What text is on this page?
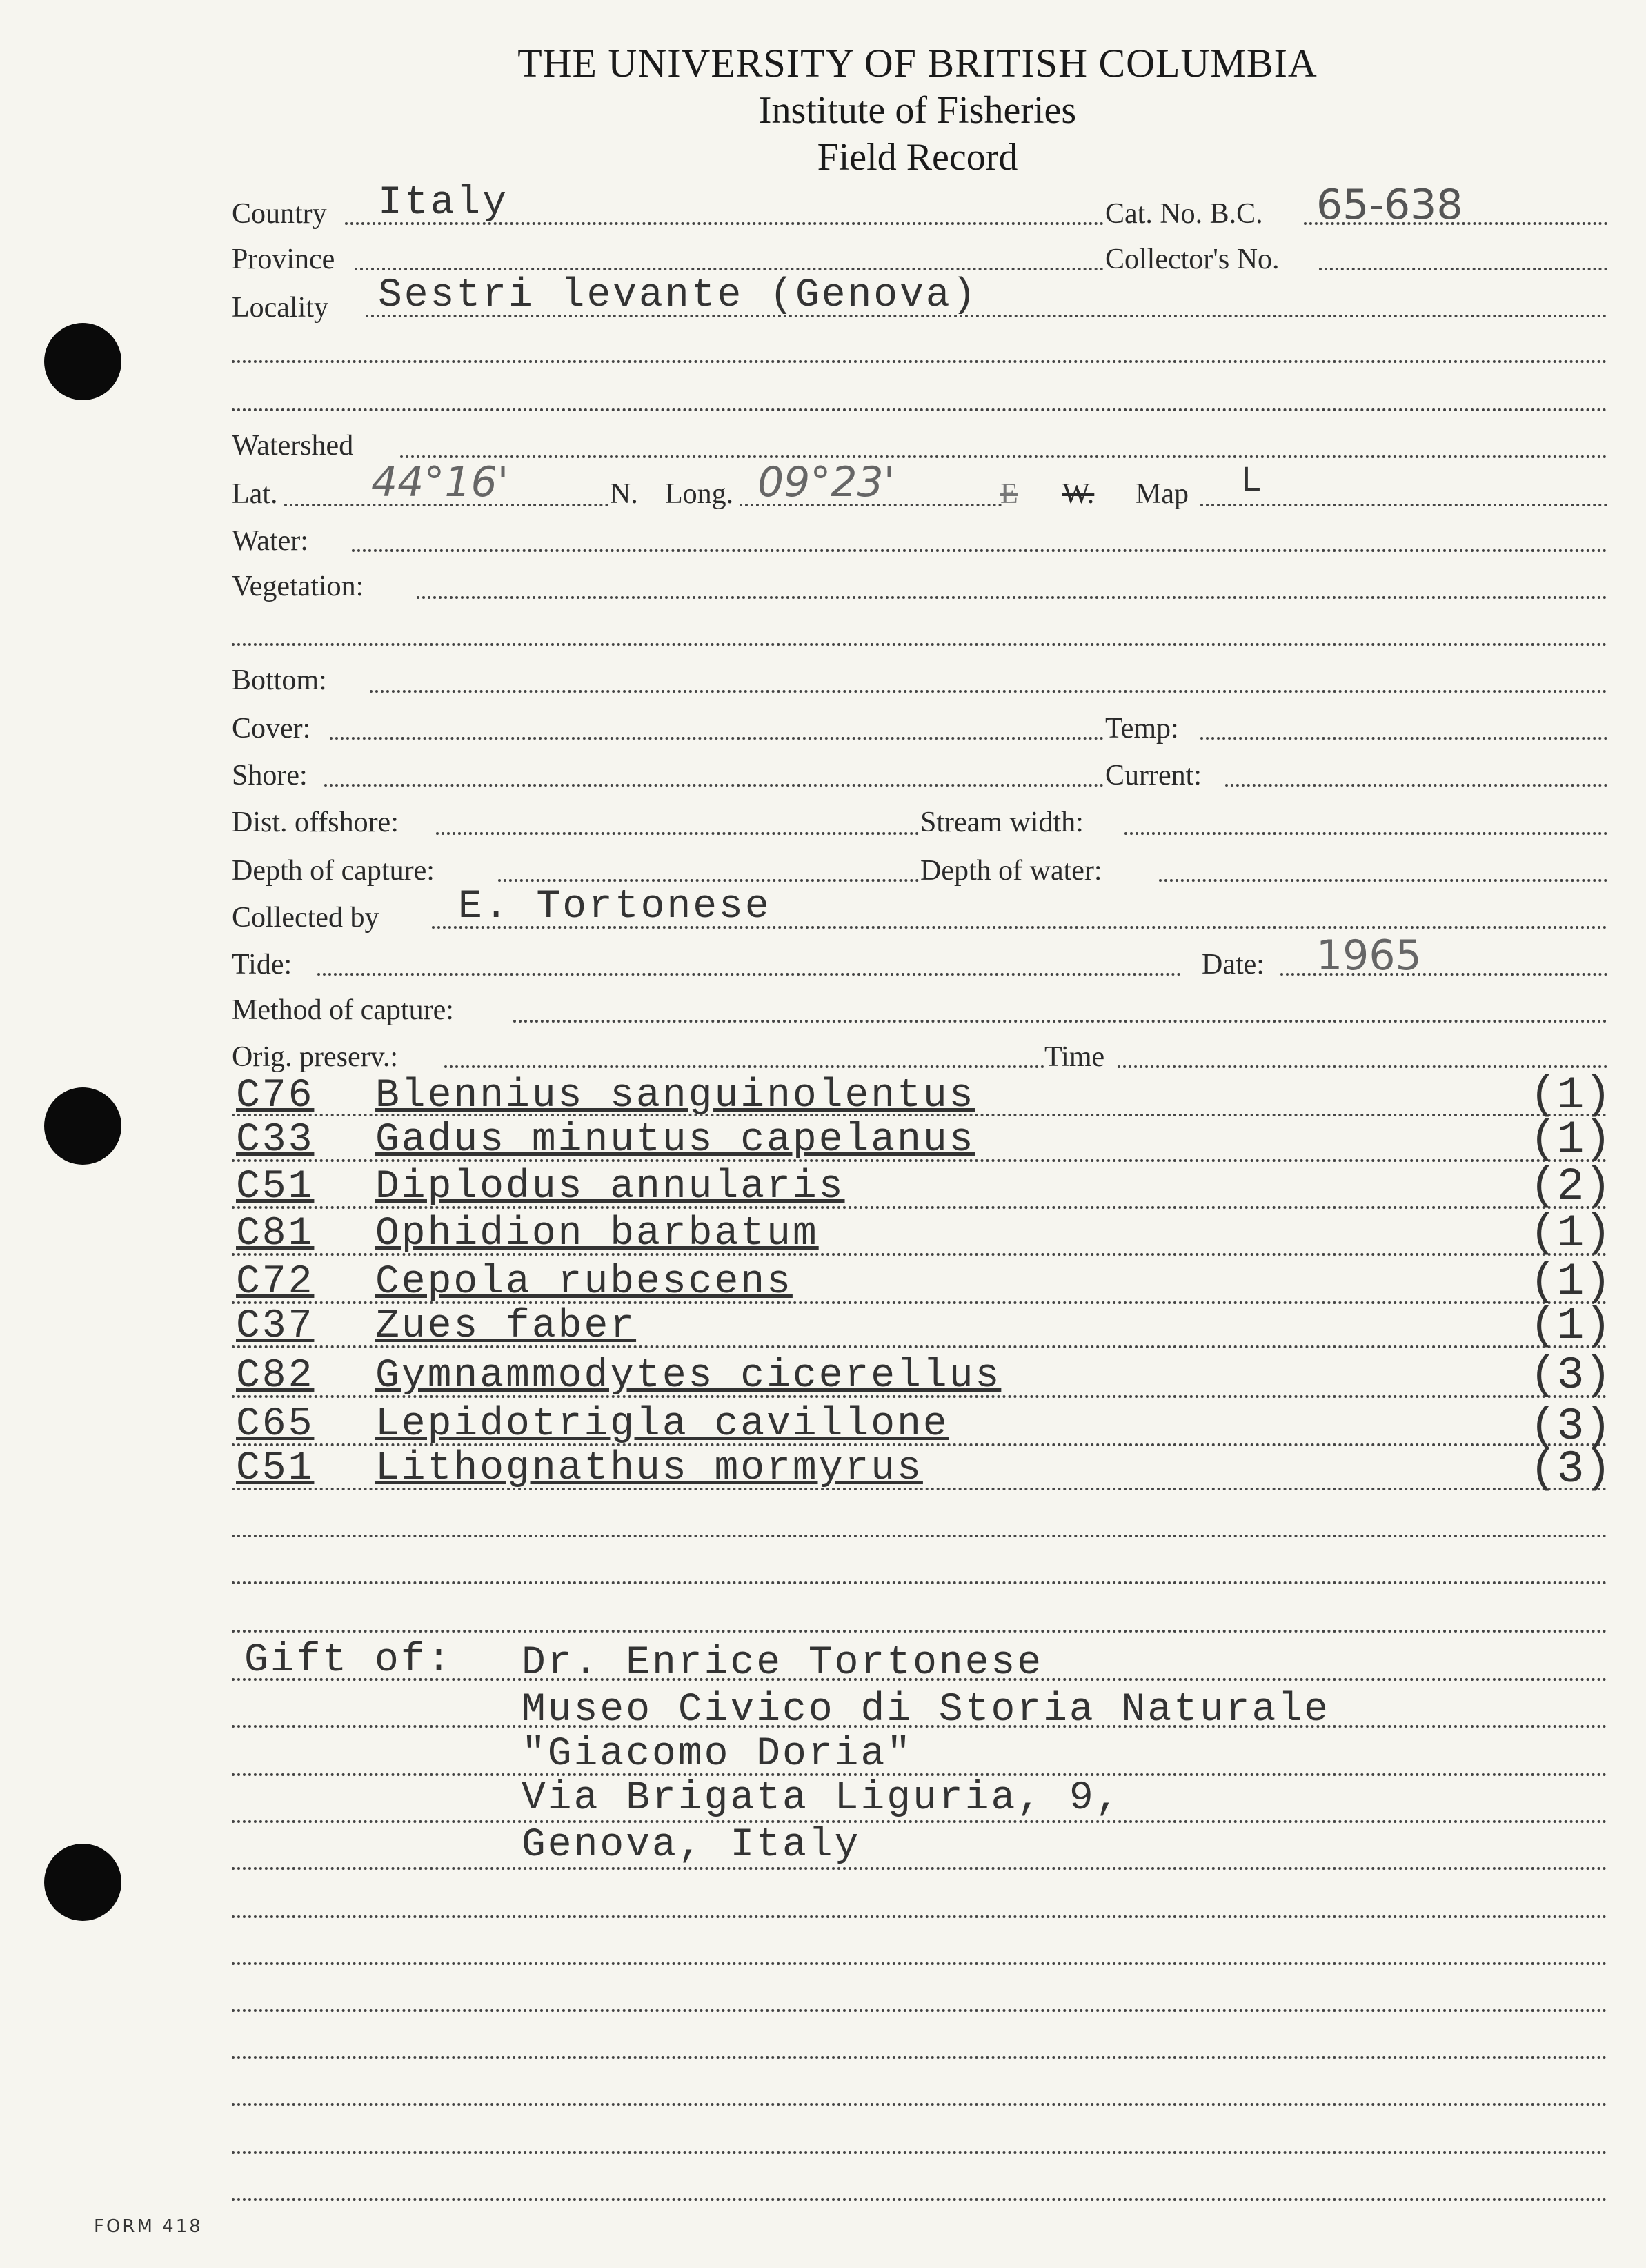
THE UNIVERSITY OF BRITISH COLUMBIA
Institute of Fisheries
Field Record
Country Italy	Cat. No. B.C. 65-638
Province	Collector's No.
Locality Sestri levante (Genova)
Watershed
Lat. 44°16'	N. Long. 09°23'	E W. Map L
Water:
Vegetation:
Bottom:
Cover:	Temp:
Shore:	Current:
Dist. offshore:	Stream width:
Depth of capture:	Depth of water:
Collected by E. Tortonese
Tide:	Date: 1965
Method of capture:
Orig. preserv.:	Time
C76 Blennius sanguinolentus	(1)
C33 Gadus minutus capelanus	(1)
C51 Diplodus annularis	(2)
C81 Ophidion barbatum	(1)
C72 Cepola rubescens	(1)
C37 Zues faber	(1)
C82 Gymnammodytes cicerellus	(3)
C65 Lepidotrigla cavillone	(3)
C51 Lithognathus mormyrus	(3)
Gift of: Dr. Enrice Tortonese
Museo Civico di Storia Naturale
"Giacomo Doria"
Via Brigata Liguria, 9,
Genova, Italy
FORM 418
